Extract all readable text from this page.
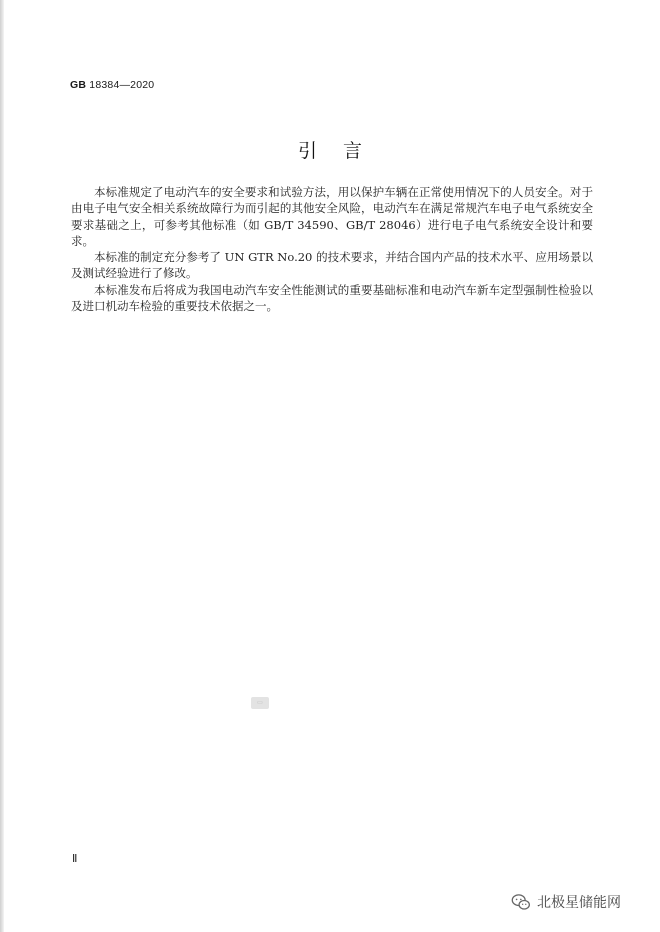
GB 18384—2020
引言

本标准规定了电动汽车的安全要求和试验方法，用以保护车辆在正常使用情况下的人员安全。对于由电子电气安全相关系统故障行为而引起的其他安全风险，电动汽车在满足常规汽车电子电气系统安全要求基础之上，可参考其他标准（如 GB/T 34590、GB/T 28046）进行电子电气系统安全设计和要求。

本标准的制定充分参考了 UN GTR No.20 的技术要求，并结合国内产品的技术水平、应用场景以及测试经验进行了修改。

本标准发布后将成为我国电动汽车安全性能测试的重要基础标准和电动汽车新车定型强制性检验以及进口机动车检验的重要技术依据之一。

▭
Ⅱ
北极星储能网
